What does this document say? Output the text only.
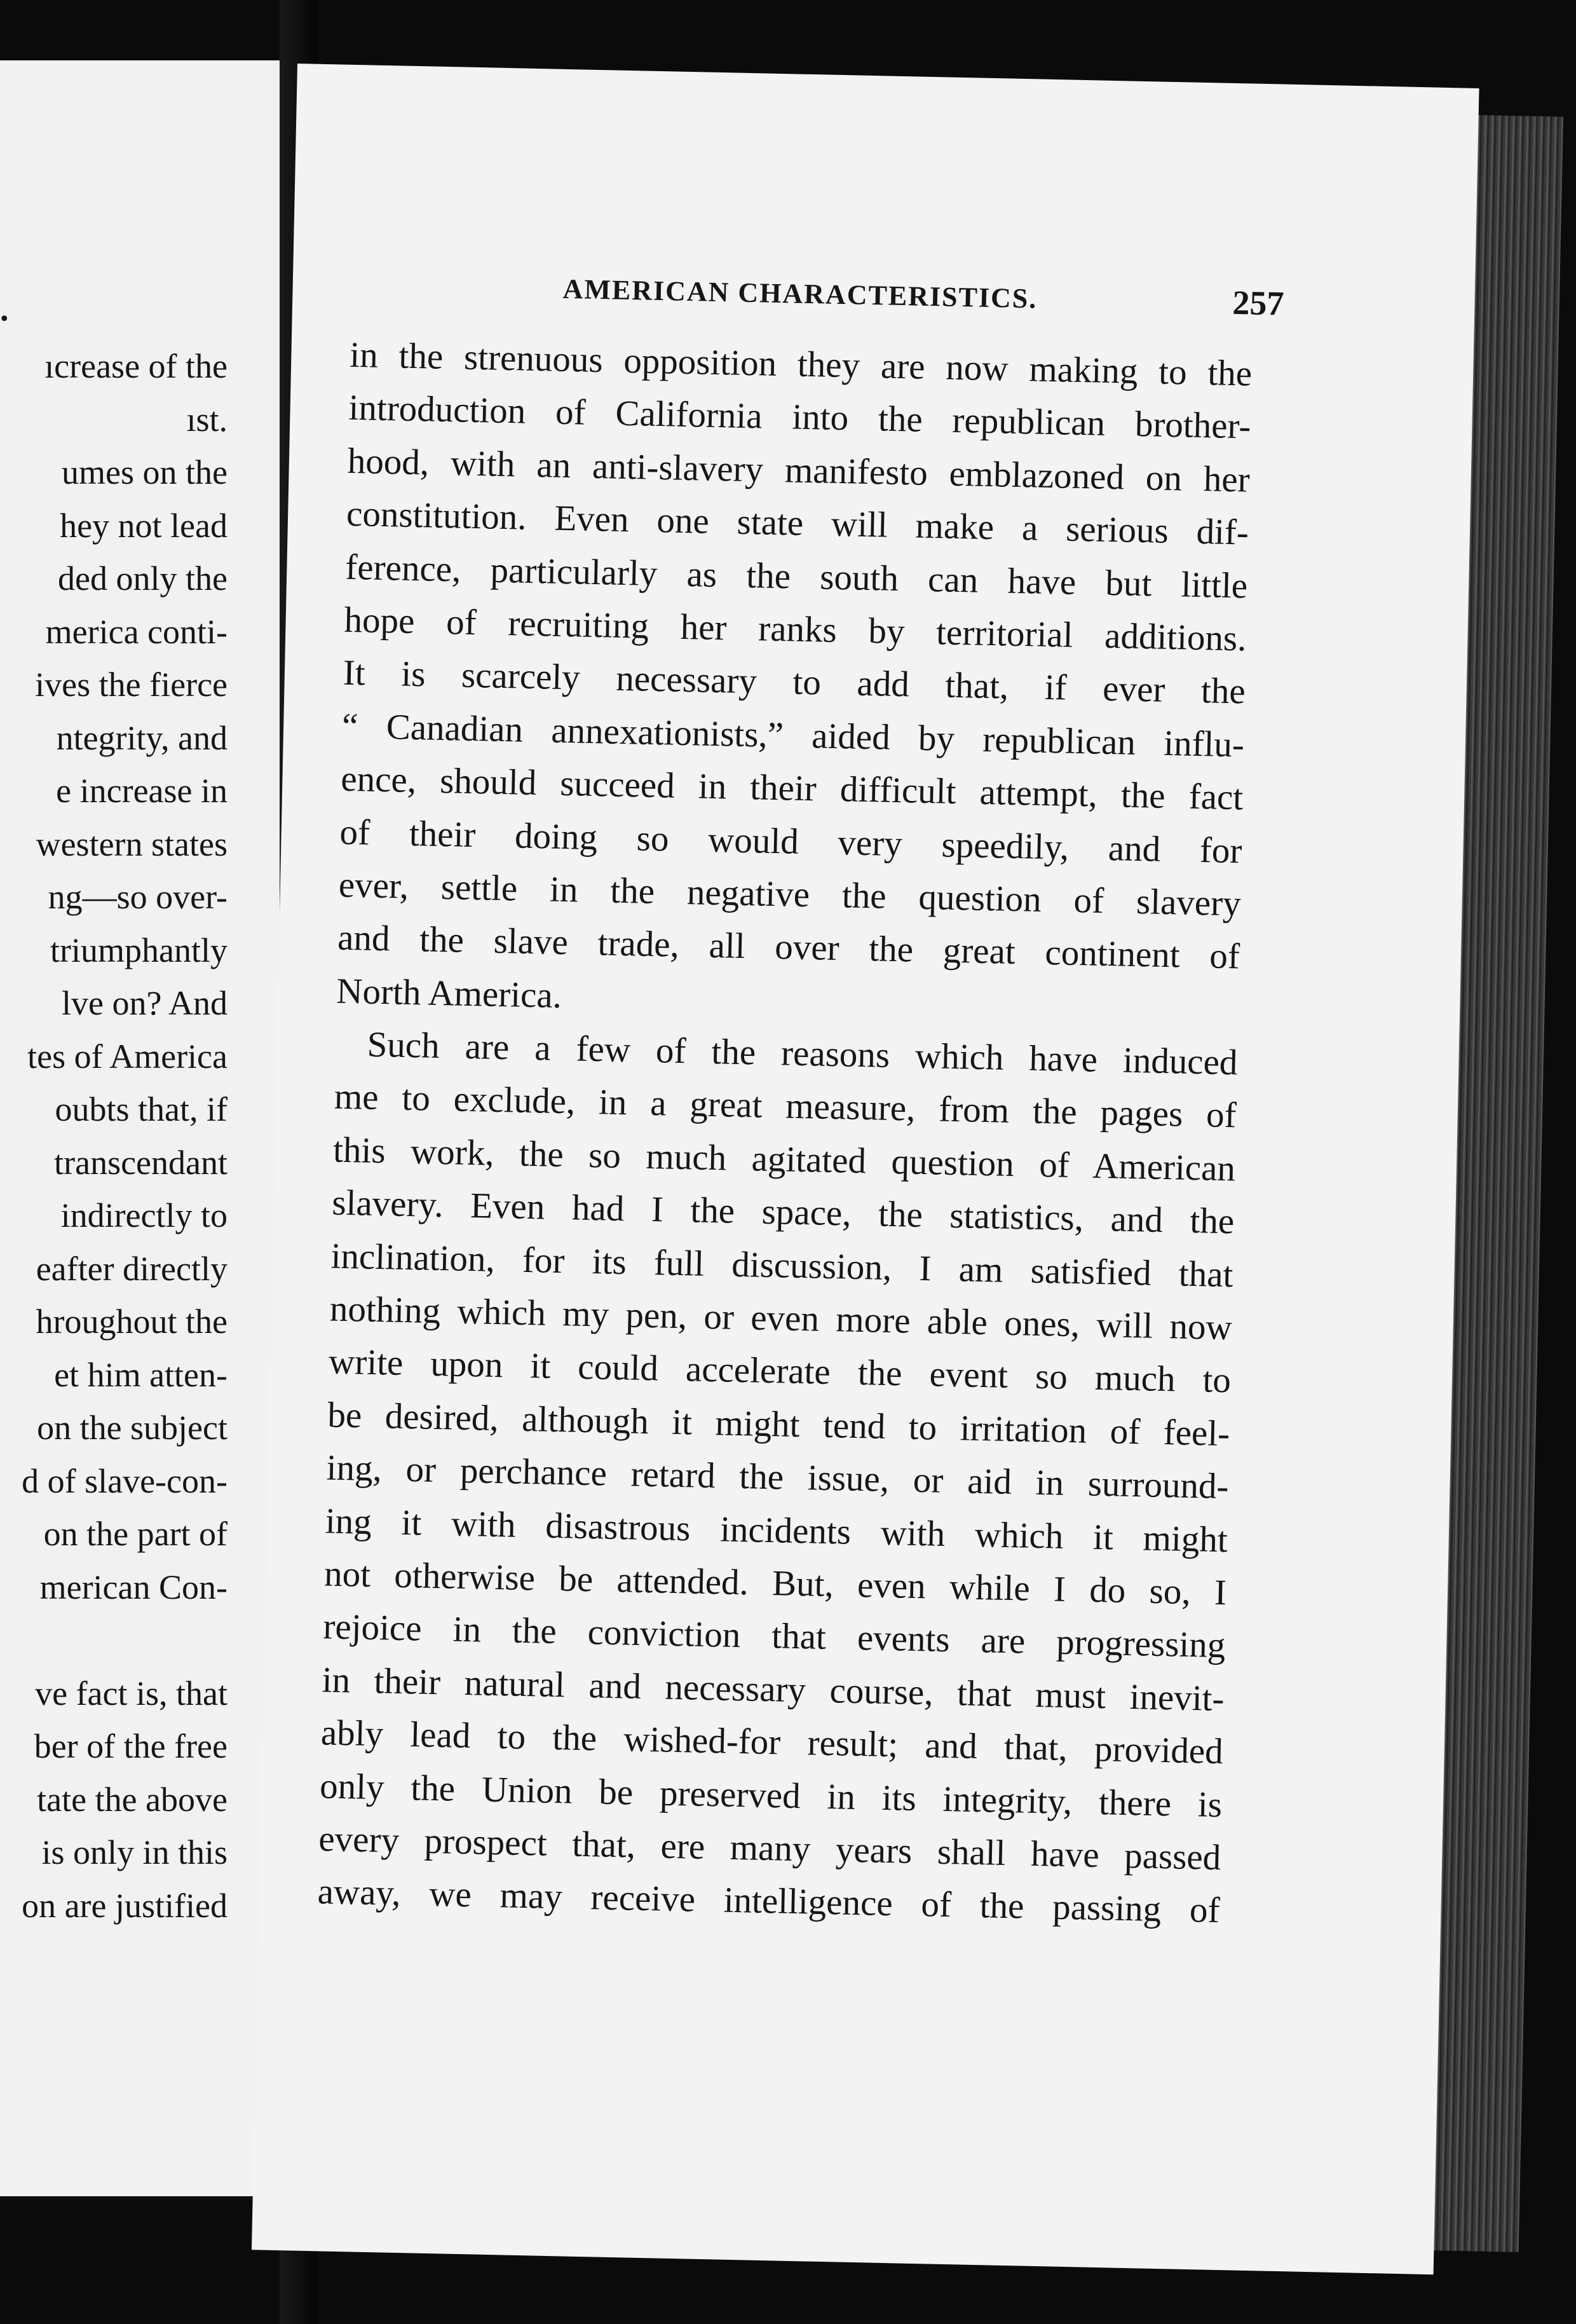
.
ıcrease of the
ıst.
umes on the
hey not lead
ded only the
merica conti-
ives the fierce
ntegrity, and
e increase in
western states
ng—so over-
triumphantly
lve on? And
tes of America
oubts that, if
transcendant
indirectly to
eafter directly
hroughout the
et him atten-
on the subject
d of slave-con-
on the part of
merican Con-
ve fact is, that
ber of the free
tate the above
is only in this
on are justified
AMERICAN CHARACTERISTICS.	257
in the strenuous opposition they are now making to the
introduction of California into the republican brother-
hood, with an anti-slavery manifesto emblazoned on her
constitution. Even one state will make a serious dif-
ference, particularly as the south can have but little
hope of recruiting her ranks by territorial additions.
It is scarcely necessary to add that, if ever the
“ Canadian annexationists,” aided by republican influ-
ence, should succeed in their difficult attempt, the fact
of their doing so would very speedily, and for
ever, settle in the negative the question of slavery
and the slave trade, all over the great continent of
North America.
Such are a few of the reasons which have induced
me to exclude, in a great measure, from the pages of
this work, the so much agitated question of American
slavery. Even had I the space, the statistics, and the
inclination, for its full discussion, I am satisfied that
nothing which my pen, or even more able ones, will now
write upon it could accelerate the event so much to
be desired, although it might tend to irritation of feel-
ing, or perchance retard the issue, or aid in surround-
ing it with disastrous incidents with which it might
not otherwise be attended. But, even while I do so, I
rejoice in the conviction that events are progressing
in their natural and necessary course, that must inevit-
ably lead to the wished-for result; and that, provided
only the Union be preserved in its integrity, there is
every prospect that, ere many years shall have passed
away, we may receive intelligence of the passing of
